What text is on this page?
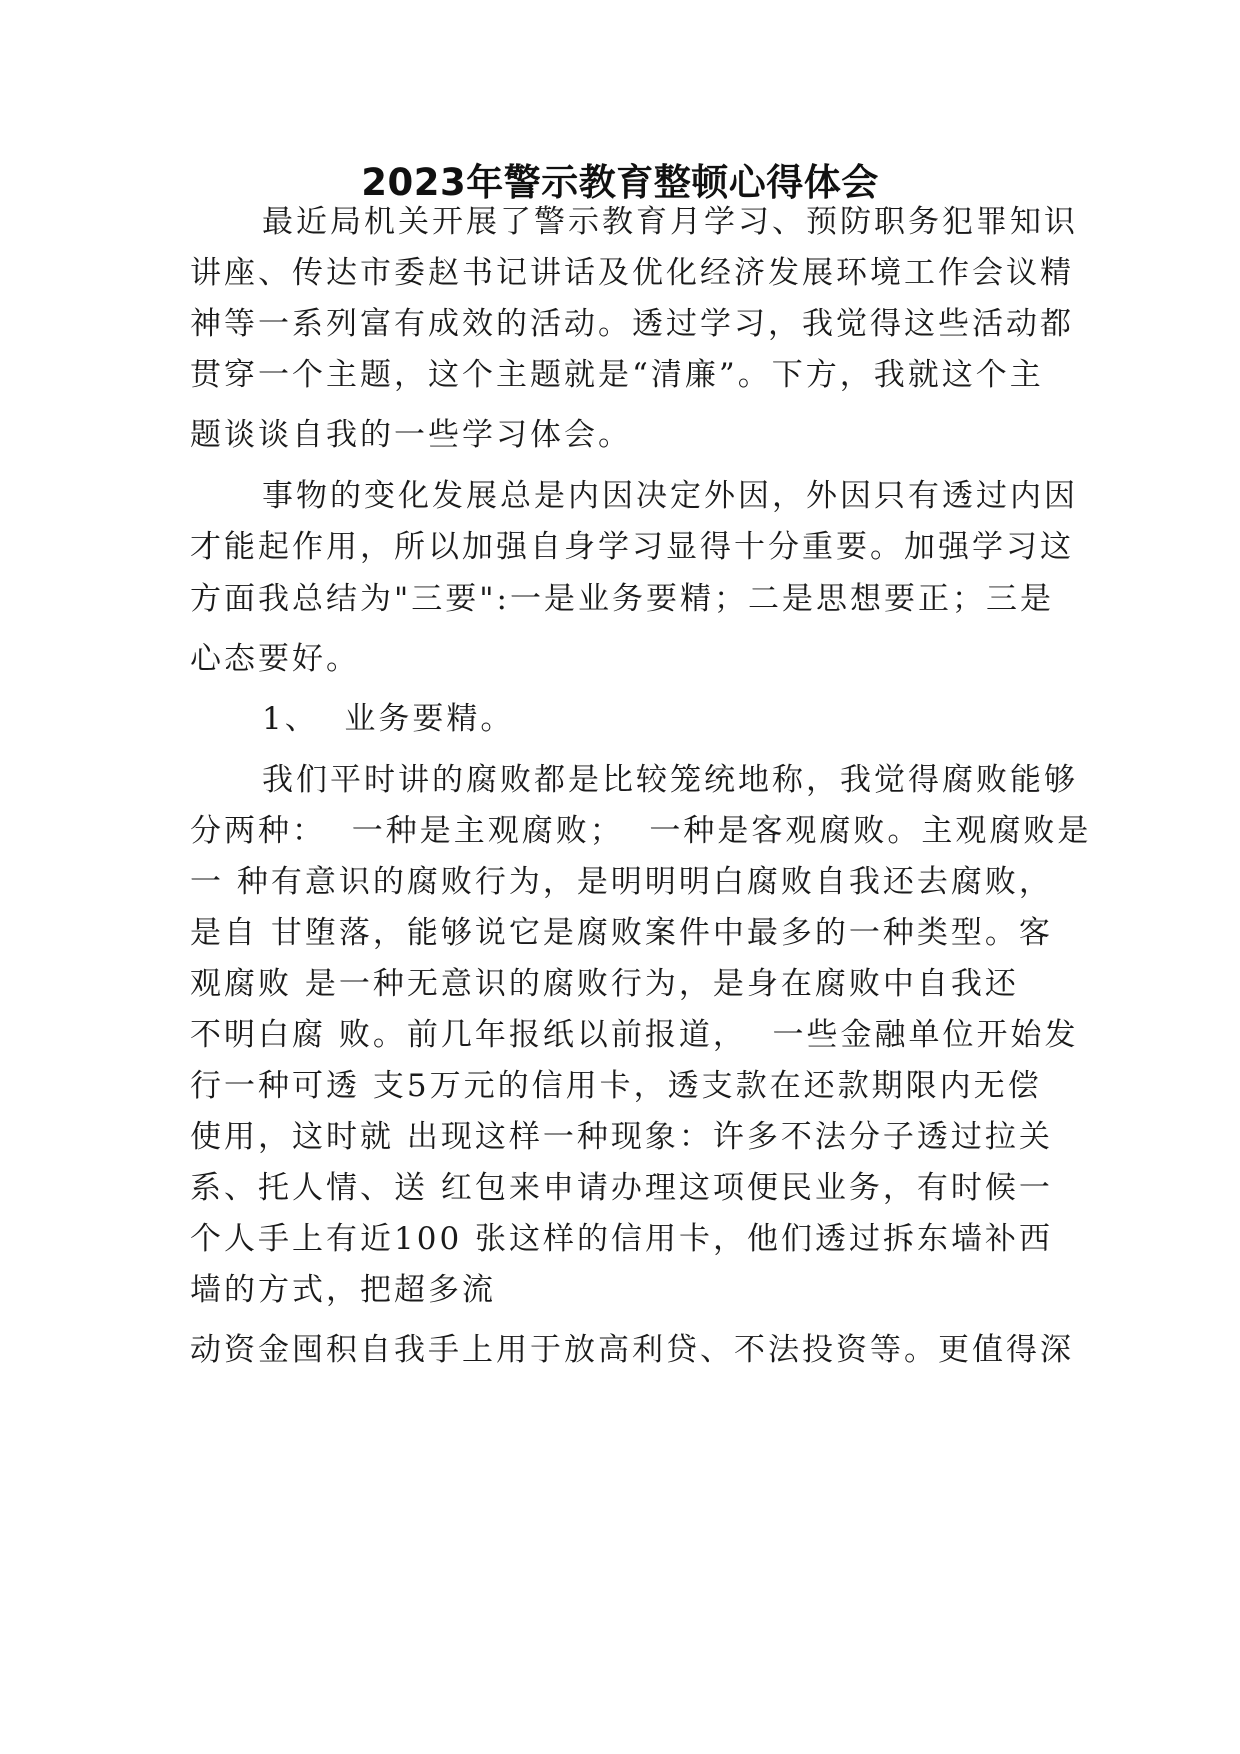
2023年警示教育整顿心得体会
最近局机关开展了警示教育月学习、预防职务犯罪知识
讲座、传达市委赵书记讲话及优化经济发展环境工作会议精
神等一系列富有成效的活动。透过学习，我觉得这些活动都
贯穿一个主题，这个主题就是“清廉”。下方，我就这个主
题谈谈自我的一些学习体会。
事物的变化发展总是内因决定外因，外因只有透过内因
才能起作用，所以加强自身学习显得十分重要。加强学习这
方面我总结为"三要":一是业务要精；二是思想要正；三是
心态要好。
1、  业务要精。
我们平时讲的腐败都是比较笼统地称，我觉得腐败能够
分两种：  一种是主观腐败；  一种是客观腐败。主观腐败是
一 种有意识的腐败行为，是明明明白腐败自我还去腐败，
是自 甘堕落，能够说它是腐败案件中最多的一种类型。客
观腐败 是一种无意识的腐败行为，是身在腐败中自我还
不明白腐 败。前几年报纸以前报道，  一些金融单位开始发
行一种可透 支5万元的信用卡，透支款在还款期限内无偿
使用，这时就 出现这样一种现象：许多不法分子透过拉关
系、托人情、送 红包来申请办理这项便民业务，有时候一
个人手上有近100 张这样的信用卡，他们透过拆东墙补西
墙的方式，把超多流
动资金囤积自我手上用于放高利贷、不法投资等。更值得深
